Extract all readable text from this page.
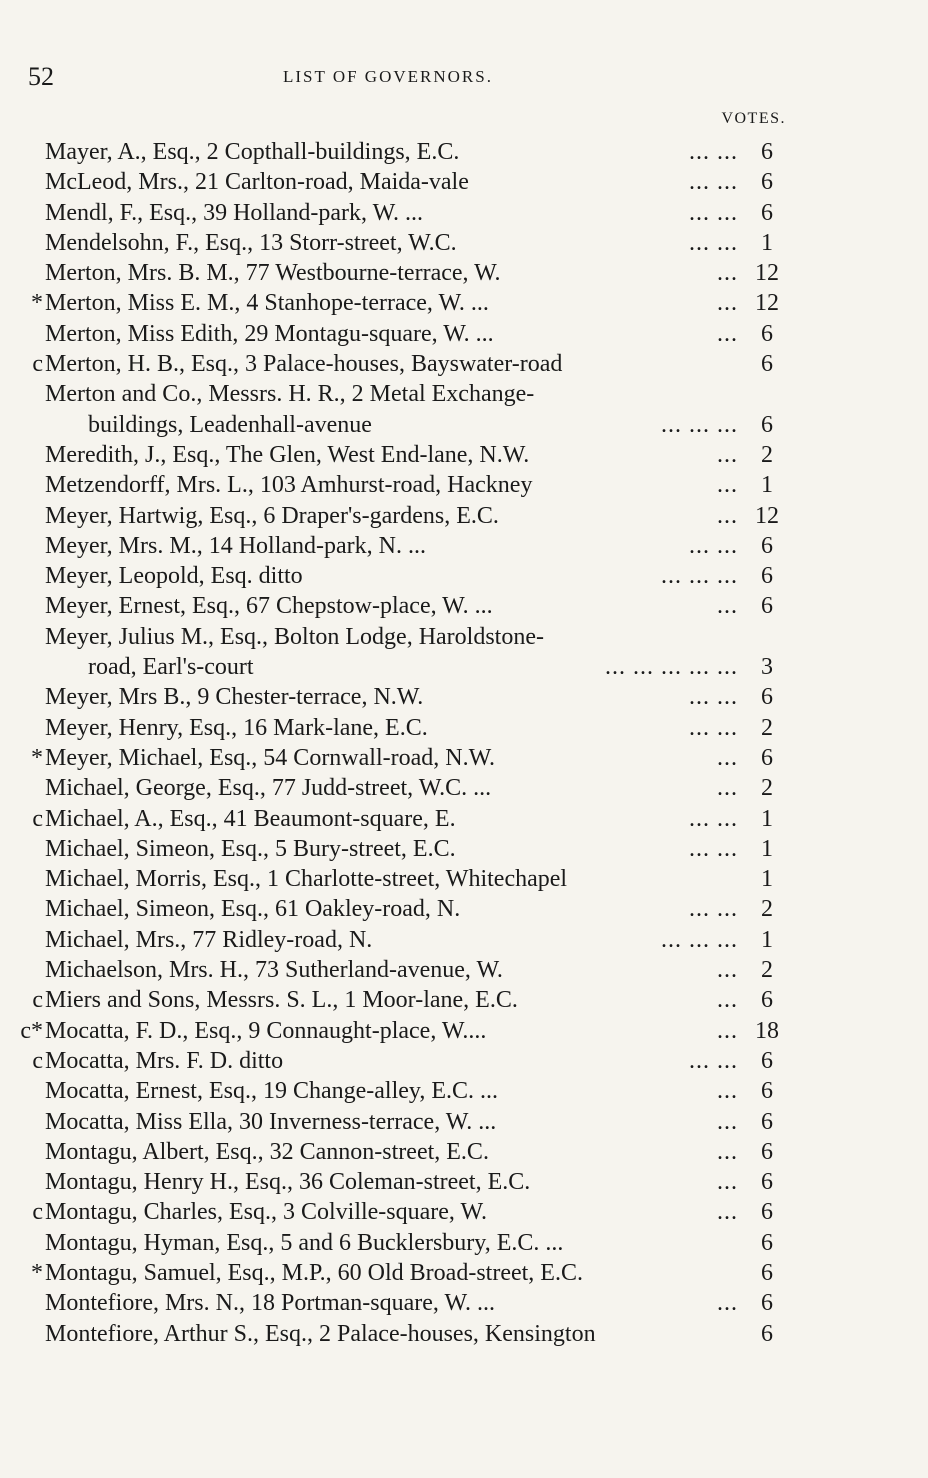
52	LIST OF GOVERNORS.
VOTES.
Mayer, A., Esq., 2 Copthall-buildings, E.C.	... ... 6
McLeod, Mrs., 21 Carlton-road, Maida-vale	... ... 6
Mendl, F., Esq., 39 Holland-park, W. ...	... ... 6
Mendelsohn, F., Esq., 13 Storr-street, W.C.	... ... 1
Merton, Mrs. B. M., 77 Westbourne-terrace, W.	... 12
* Merton, Miss E. M., 4 Stanhope-terrace, W. ...	... 12
Merton, Miss Edith, 29 Montagu-square, W. ...	... 6
c Merton, H. B., Esq., 3 Palace-houses, Bayswater-road	6
Merton and Co., Messrs. H. R., 2 Metal Exchange-
buildings, Leadenhall-avenue	... ... ... 6
Meredith, J., Esq., The Glen, West End-lane, N.W.	... 2
Metzendorff, Mrs. L., 103 Amhurst-road, Hackney	... 1
Meyer, Hartwig, Esq., 6 Draper's-gardens, E.C.	... 12
Meyer, Mrs. M., 14 Holland-park, N. ...	... ... 6
Meyer, Leopold, Esq. ditto	... ... ... 6
Meyer, Ernest, Esq., 67 Chepstow-place, W. ...	... 6
Meyer, Julius M., Esq., Bolton Lodge, Haroldstone-
road, Earl's-court	... ... ... ... ... 3
Meyer, Mrs B., 9 Chester-terrace, N.W.	... ... 6
Meyer, Henry, Esq., 16 Mark-lane, E.C.	... ... 2
* Meyer, Michael, Esq., 54 Cornwall-road, N.W.	... 6
Michael, George, Esq., 77 Judd-street, W.C. ...	... 2
c Michael, A., Esq., 41 Beaumont-square, E.	... ... 1
Michael, Simeon, Esq., 5 Bury-street, E.C.	... ... 1
Michael, Morris, Esq., 1 Charlotte-street, Whitechapel	1
Michael, Simeon, Esq., 61 Oakley-road, N.	... ... 2
Michael, Mrs., 77 Ridley-road, N.	... ... ... 1
Michaelson, Mrs. H., 73 Sutherland-avenue, W.	... 2
c Miers and Sons, Messrs. S. L., 1 Moor-lane, E.C.	... 6
c* Mocatta, F. D., Esq., 9 Connaught-place, W....	... 18
c Mocatta, Mrs. F. D. ditto	... ... 6
Mocatta, Ernest, Esq., 19 Change-alley, E.C. ...	... 6
Mocatta, Miss Ella, 30 Inverness-terrace, W. ...	... 6
Montagu, Albert, Esq., 32 Cannon-street, E.C.	... 6
Montagu, Henry H., Esq., 36 Coleman-street, E.C.	... 6
c Montagu, Charles, Esq., 3 Colville-square, W.	... 6
Montagu, Hyman, Esq., 5 and 6 Bucklersbury, E.C. ...	6
* Montagu, Samuel, Esq., M.P., 60 Old Broad-street, E.C.	6
Montefiore, Mrs. N., 18 Portman-square, W. ...	... 6
Montefiore, Arthur S., Esq., 2 Palace-houses, Kensington	6
